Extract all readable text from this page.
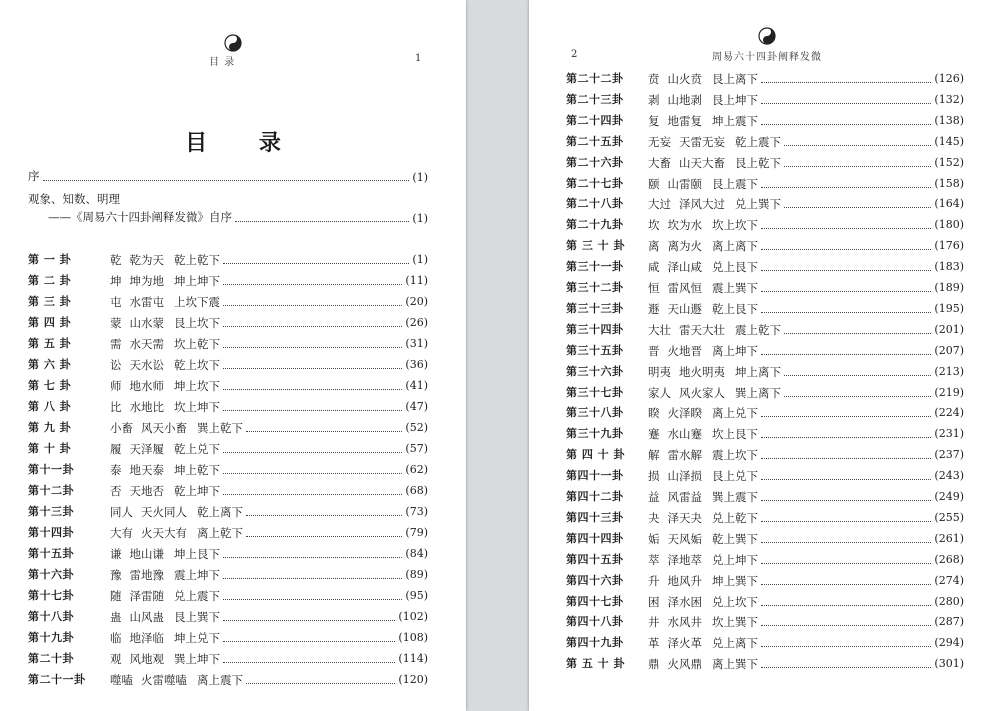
· · ·
目 录	1
目 录
序	(1)
观象、知数、明理
——《周易六十四卦阐释发微》自序	(1)
第 一 卦	乾 乾为天 乾上乾下	(1)
第 二 卦	坤 坤为地 坤上坤下	(11)
第 三 卦	屯 水雷屯 上坎下震	(20)
第 四 卦	蒙 山水蒙 艮上坎下	(26)
第 五 卦	需 水天需 坎上乾下	(31)
第 六 卦	讼 天水讼 乾上坎下	(36)
第 七 卦	师 地水师 坤上坎下	(41)
第 八 卦	比 水地比 坎上坤下	(47)
第 九 卦	小畜 风天小畜 巽上乾下	(52)
第 十 卦	履 天泽履 乾上兑下	(57)
第十一卦	泰 地天泰 坤上乾下	(62)
第十二卦	否 天地否 乾上坤下	(68)
第十三卦	同人 天火同人 乾上离下	(73)
第十四卦	大有 火天大有 离上乾下	(79)
第十五卦	谦 地山谦 坤上艮下	(84)
第十六卦	豫 雷地豫 震上坤下	(89)
第十七卦	随 泽雷随 兑上震下	(95)
第十八卦	蛊 山风蛊 艮上巽下	(102)
第十九卦	临 地泽临 坤上兑下	(108)
第二十卦	观 风地观 巽上坤下	(114)
第二十一卦	噬嗑 火雷噬嗑 离上震下	(120)
2
· · ·
周易六十四卦阐释发微
第二十二卦	贲 山火贲 艮上离下	(126)
第二十三卦	剥 山地剥 艮上坤下	(132)
第二十四卦	复 地雷复 坤上震下	(138)
第二十五卦	无妄 天雷无妄 乾上震下	(145)
第二十六卦	大畜 山天大畜 艮上乾下	(152)
第二十七卦	颐 山雷颐 艮上震下	(158)
第二十八卦	大过 泽风大过 兑上巽下	(164)
第二十九卦	坎 坎为水 坎上坎下	(180)
第 三 十 卦	离 离为火 离上离下	(176)
第三十一卦	咸 泽山咸 兑上艮下	(183)
第三十二卦	恒 雷风恒 震上巽下	(189)
第三十三卦	遯 天山遯 乾上艮下	(195)
第三十四卦	大壮 雷天大壮 震上乾下	(201)
第三十五卦	晋 火地晋 离上坤下	(207)
第三十六卦	明夷 地火明夷 坤上离下	(213)
第三十七卦	家人 风火家人 巽上离下	(219)
第三十八卦	睽 火泽睽 离上兑下	(224)
第三十九卦	蹇 水山蹇 坎上艮下	(231)
第 四 十 卦	解 雷水解 震上坎下	(237)
第四十一卦	损 山泽损 艮上兑下	(243)
第四十二卦	益 风雷益 巽上震下	(249)
第四十三卦	夬 泽天夬 兑上乾下	(255)
第四十四卦	姤 天风姤 乾上巽下	(261)
第四十五卦	萃 泽地萃 兑上坤下	(268)
第四十六卦	升 地风升 坤上巽下	(274)
第四十七卦	困 泽水困 兑上坎下	(280)
第四十八卦	井 水风井 坎上巽下	(287)
第四十九卦	革 泽火革 兑上离下	(294)
第 五 十 卦	鼎 火风鼎 离上巽下	(301)
